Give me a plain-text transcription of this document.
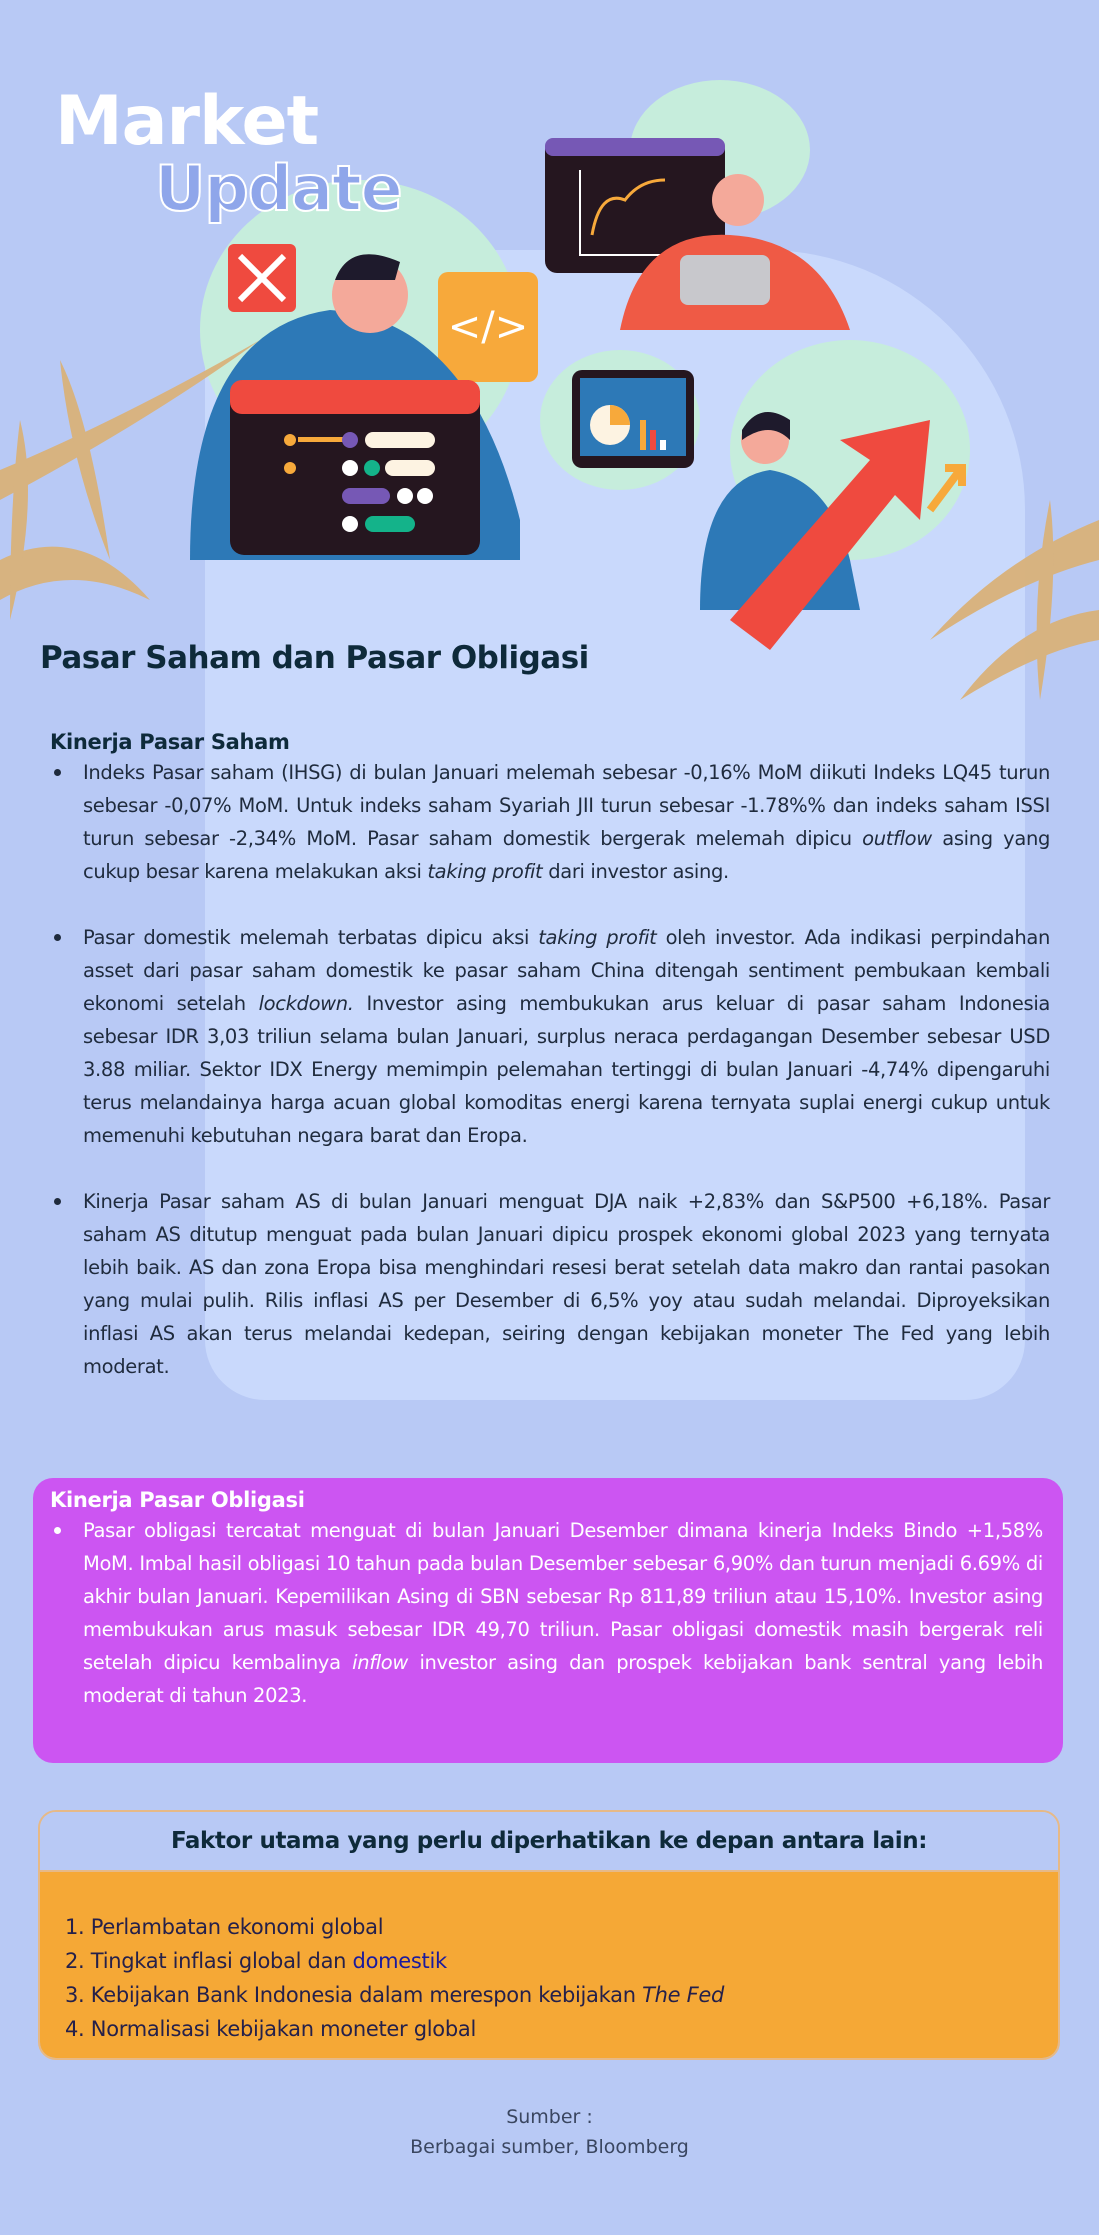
</>
Market
Update
Pasar Saham dan Pasar Obligasi
Kinerja Pasar Saham
Indeks Pasar saham (IHSG) di bulan Januari melemah sebesar -0,16% MoM diikuti Indeks LQ45 turun sebesar -0,07% MoM. Untuk indeks saham Syariah JII turun sebesar -1.78%% dan indeks saham ISSI turun sebesar -2,34% MoM. Pasar saham domestik bergerak melemah dipicu outflow asing yang cukup besar karena melakukan aksi taking profit dari investor asing.
Pasar domestik melemah terbatas dipicu aksi taking profit oleh investor. Ada indikasi perpindahan asset dari pasar saham domestik ke pasar saham China ditengah sentiment pembukaan kembali ekonomi setelah lockdown. Investor asing membukukan arus keluar di pasar saham Indonesia sebesar IDR 3,03 triliun selama bulan Januari, surplus neraca perdagangan Desember sebesar USD 3.88 miliar. Sektor IDX Energy memimpin pelemahan tertinggi di bulan Januari -4,74% dipengaruhi terus melandainya harga acuan global komoditas energi karena ternyata suplai energi cukup untuk memenuhi kebutuhan negara barat dan Eropa.
Kinerja Pasar saham AS di bulan Januari menguat DJA naik +2,83% dan S&P500 +6,18%. Pasar saham AS ditutup menguat pada bulan Januari dipicu prospek ekonomi global 2023 yang ternyata lebih baik. AS dan zona Eropa bisa menghindari resesi berat setelah data makro dan rantai pasokan yang mulai pulih. Rilis inflasi AS per Desember di 6,5% yoy atau sudah melandai. Diproyeksikan inflasi AS akan terus melandai kedepan, seiring dengan kebijakan moneter The Fed yang lebih moderat.
Kinerja Pasar Obligasi
Pasar obligasi tercatat menguat di bulan Januari Desember dimana kinerja Indeks Bindo +1,58% MoM. Imbal hasil obligasi 10 tahun pada bulan Desember sebesar 6,90% dan turun menjadi 6.69% di akhir bulan Januari. Kepemilikan Asing di SBN sebesar Rp 811,89 triliun atau 15,10%. Investor asing membukukan arus masuk sebesar IDR 49,70 triliun. Pasar obligasi domestik masih bergerak reli setelah dipicu kembalinya inflow investor asing dan prospek kebijakan bank sentral yang lebih moderat di tahun 2023.
Faktor utama yang perlu diperhatikan ke depan antara lain:
1. Perlambatan ekonomi global
2. Tingkat inflasi global dan domestik
3. Kebijakan Bank Indonesia dalam merespon kebijakan The Fed
4. Normalisasi kebijakan moneter global
Sumber :
Berbagai sumber, Bloomberg
